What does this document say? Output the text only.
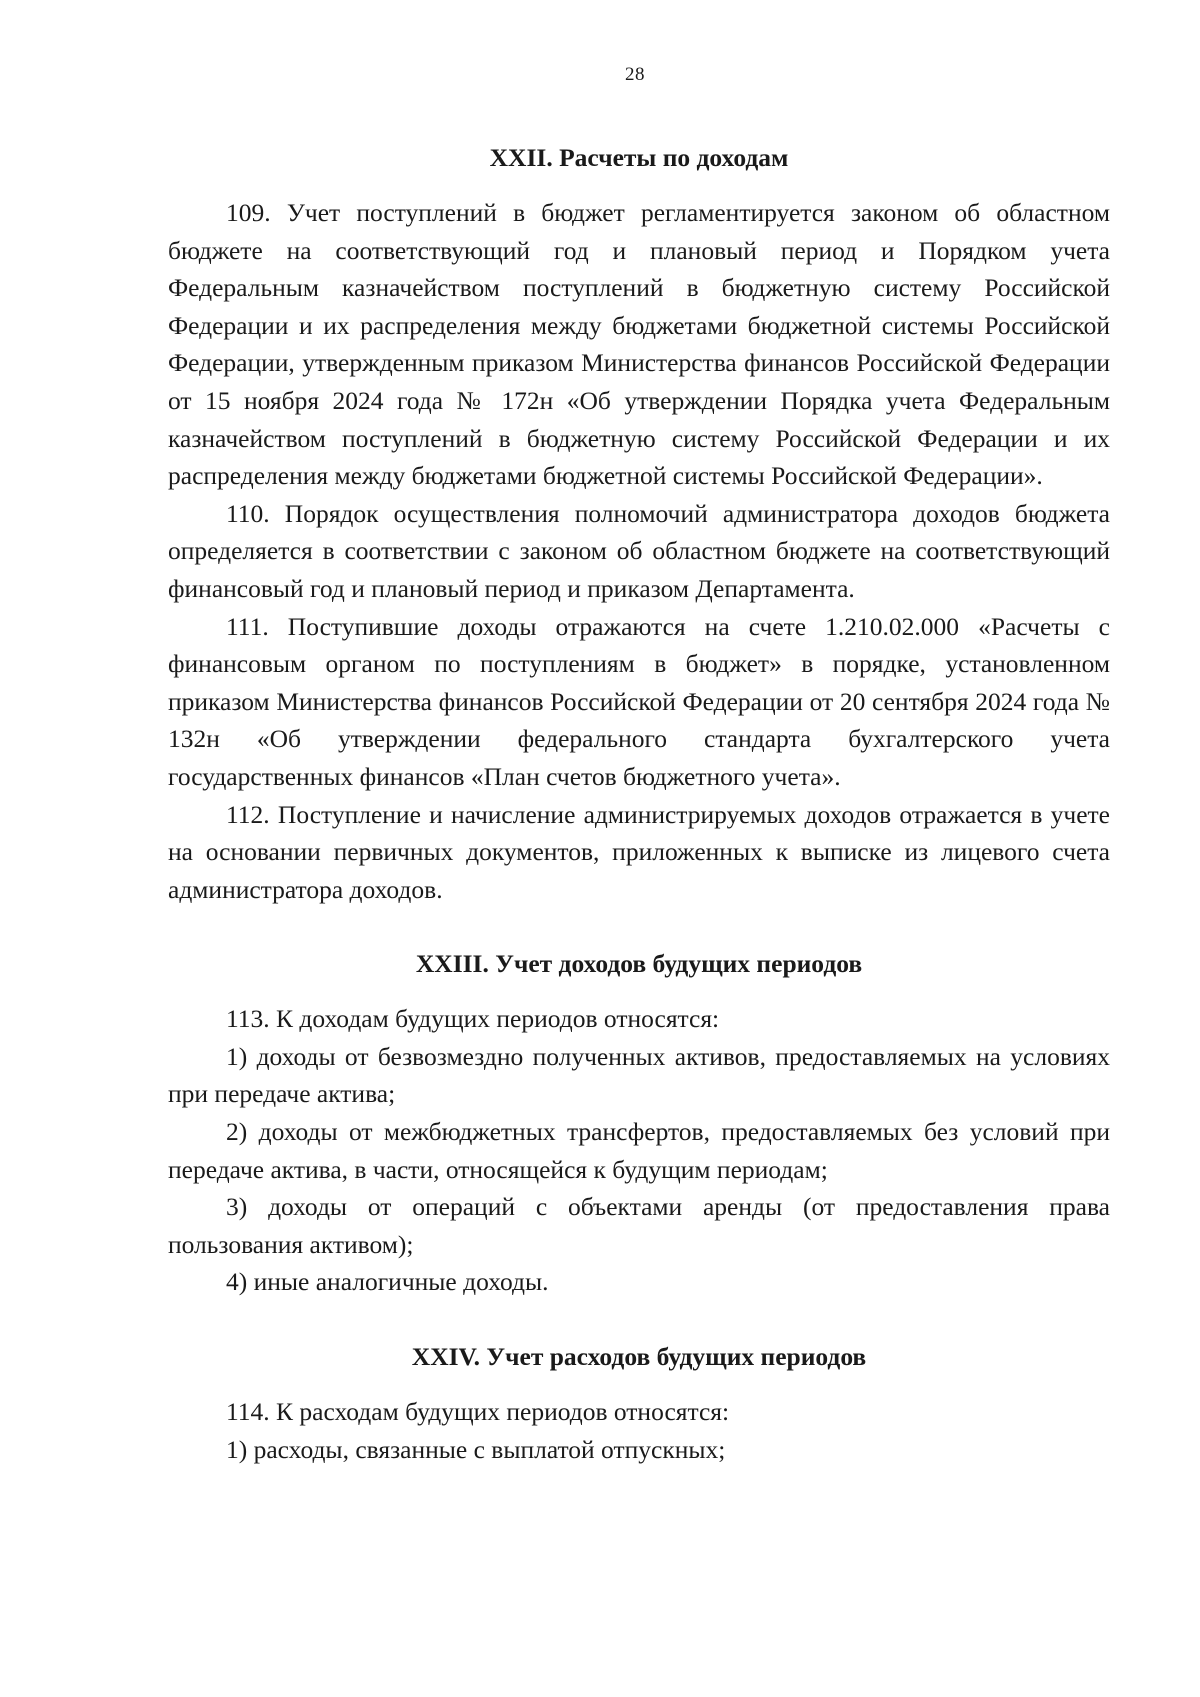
28
XXII. Расчеты по доходам

109. Учет поступлений в бюджет регламентируется законом об областном бюджете на соответствующий год и плановый период и Порядком учета Федеральным казначейством поступлений в бюджетную систему Российской Федерации и их распределения между бюджетами бюджетной системы Российской Федерации, утвержденным приказом Министерства финансов Российской Федерации от 15 ноября 2024 года № 172н «Об утверждении Порядка учета Федеральным казначейством поступлений в бюджетную систему Российской Федерации и их распределения между бюджетами бюджетной системы Российской Федерации».

110. Порядок осуществления полномочий администратора доходов бюджета определяется в соответствии с законом об областном бюджете на соответствующий финансовый год и плановый период и приказом Департамента.

111. Поступившие доходы отражаются на счете 1.210.02.000 «Расчеты с финансовым органом по поступлениям в бюджет» в порядке, установленном приказом Министерства финансов Российской Федерации от 20 сентября 2024 года № 132н «Об утверждении федерального стандарта бухгалтерского учета государственных финансов «План счетов бюджетного учета».

112. Поступление и начисление администрируемых доходов отражается в учете на основании первичных документов, приложенных к выписке из лицевого счета администратора доходов.

XXIII. Учет доходов будущих периодов

113. К доходам будущих периодов относятся:

1) доходы от безвозмездно полученных активов, предоставляемых на условиях при передаче актива;

2) доходы от межбюджетных трансфертов, предоставляемых без условий при передаче актива, в части, относящейся к будущим периодам;

3) доходы от операций с объектами аренды (от предоставления права пользования активом);

4) иные аналогичные доходы.

XXIV. Учет расходов будущих периодов

114. К расходам будущих периодов относятся:

1) расходы, связанные с выплатой отпускных;
